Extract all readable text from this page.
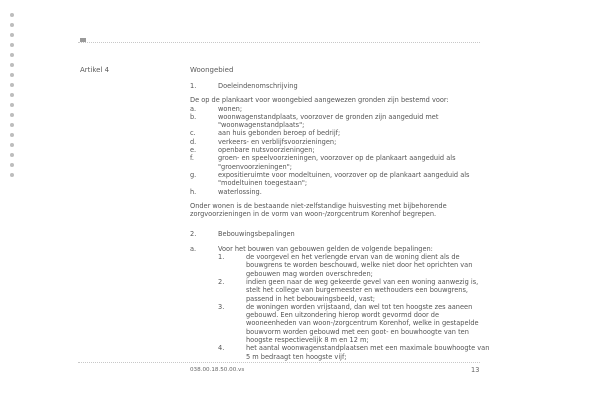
Artikel 4	Woongebied
1.	Doeleindenomschrijving
De op de plankaart voor woongebied aangewezen gronden zijn bestemd voor:
a.	wonen;
b.	woonwagenstandplaats, voorzover de gronden zijn aangeduid met "woonwagenstandplaats";
c.	aan huis gebonden beroep of bedrijf;
d.	verkeers- en verblijfsvoorzieningen;
e.	openbare nutsvoorzieningen;
f.	groen- en speelvoorzieningen, voorzover op de plankaart aangeduid als "groenvoorzieningen";
g.	expositieruimte voor modeltuinen, voorzover op de plankaart aangeduid als "modeltuinen toegestaan";
h.	waterlossing.
Onder wonen is de bestaande niet-zelfstandige huisvesting met bijbehorende zorgvoorzieningen in de vorm van woon-/zorgcentrum Korenhof begrepen.
2.	Bebouwingsbepalingen
a.	Voor het bouwen van gebouwen gelden de volgende bepalingen:
1.	de voorgevel en het verlengde ervan van de woning dient als de bouwgrens te worden beschouwd, welke niet door het oprichten van gebouwen mag worden overschreden;
2.	indien geen naar de weg gekeerde gevel van een woning aanwezig is, stelt het college van burgemeester en wethouders een bouwgrens, passend in het bebouwingsbeeld, vast;
3.	de woningen worden vrijstaand, dan wel tot ten hoogste zes aaneen gebouwd. Een uitzondering hierop wordt gevormd door de wooneenheden van woon-/zorgcentrum Korenhof, welke in gestapelde bouwvorm worden gebouwd met een goot- en bouwhoogte van ten hoogste respectievelijk 8 m en 12 m;
4.	het aantal woonwagenstandplaatsen met een maximale bouwhoogte van 5 m bedraagt ten hoogste vijf;
038.00.18.50.00.vs	13
